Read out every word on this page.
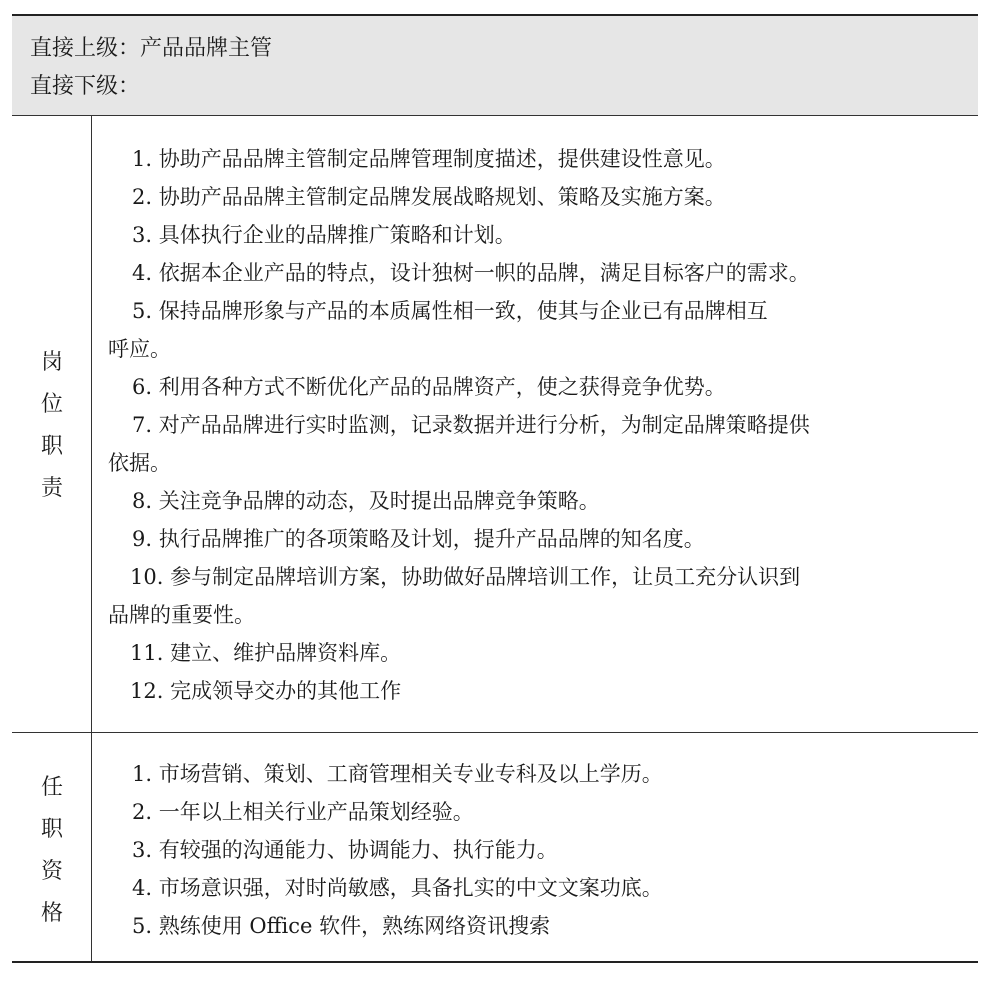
直接上级：产品品牌主管
直接下级：
岗
位
职
责
1. 协助产品品牌主管制定品牌管理制度描述，提供建设性意见。
2. 协助产品品牌主管制定品牌发展战略规划、策略及实施方案。
3. 具体执行企业的品牌推广策略和计划。
4. 依据本企业产品的特点，设计独树一帜的品牌，满足目标客户的需求。
5. 保持品牌形象与产品的本质属性相一致，使其与企业已有品牌相互
呼应。
6. 利用各种方式不断优化产品的品牌资产，使之获得竞争优势。
7. 对产品品牌进行实时监测，记录数据并进行分析，为制定品牌策略提供
依据。
8. 关注竞争品牌的动态，及时提出品牌竞争策略。
9. 执行品牌推广的各项策略及计划，提升产品品牌的知名度。
10. 参与制定品牌培训方案，协助做好品牌培训工作，让员工充分认识到
品牌的重要性。
11. 建立、维护品牌资料库。
12. 完成领导交办的其他工作
任
职
资
格
1. 市场营销、策划、工商管理相关专业专科及以上学历。
2. 一年以上相关行业产品策划经验。
3. 有较强的沟通能力、协调能力、执行能力。
4. 市场意识强，对时尚敏感，具备扎实的中文文案功底。
5. 熟练使用 Office 软件，熟练网络资讯搜索
